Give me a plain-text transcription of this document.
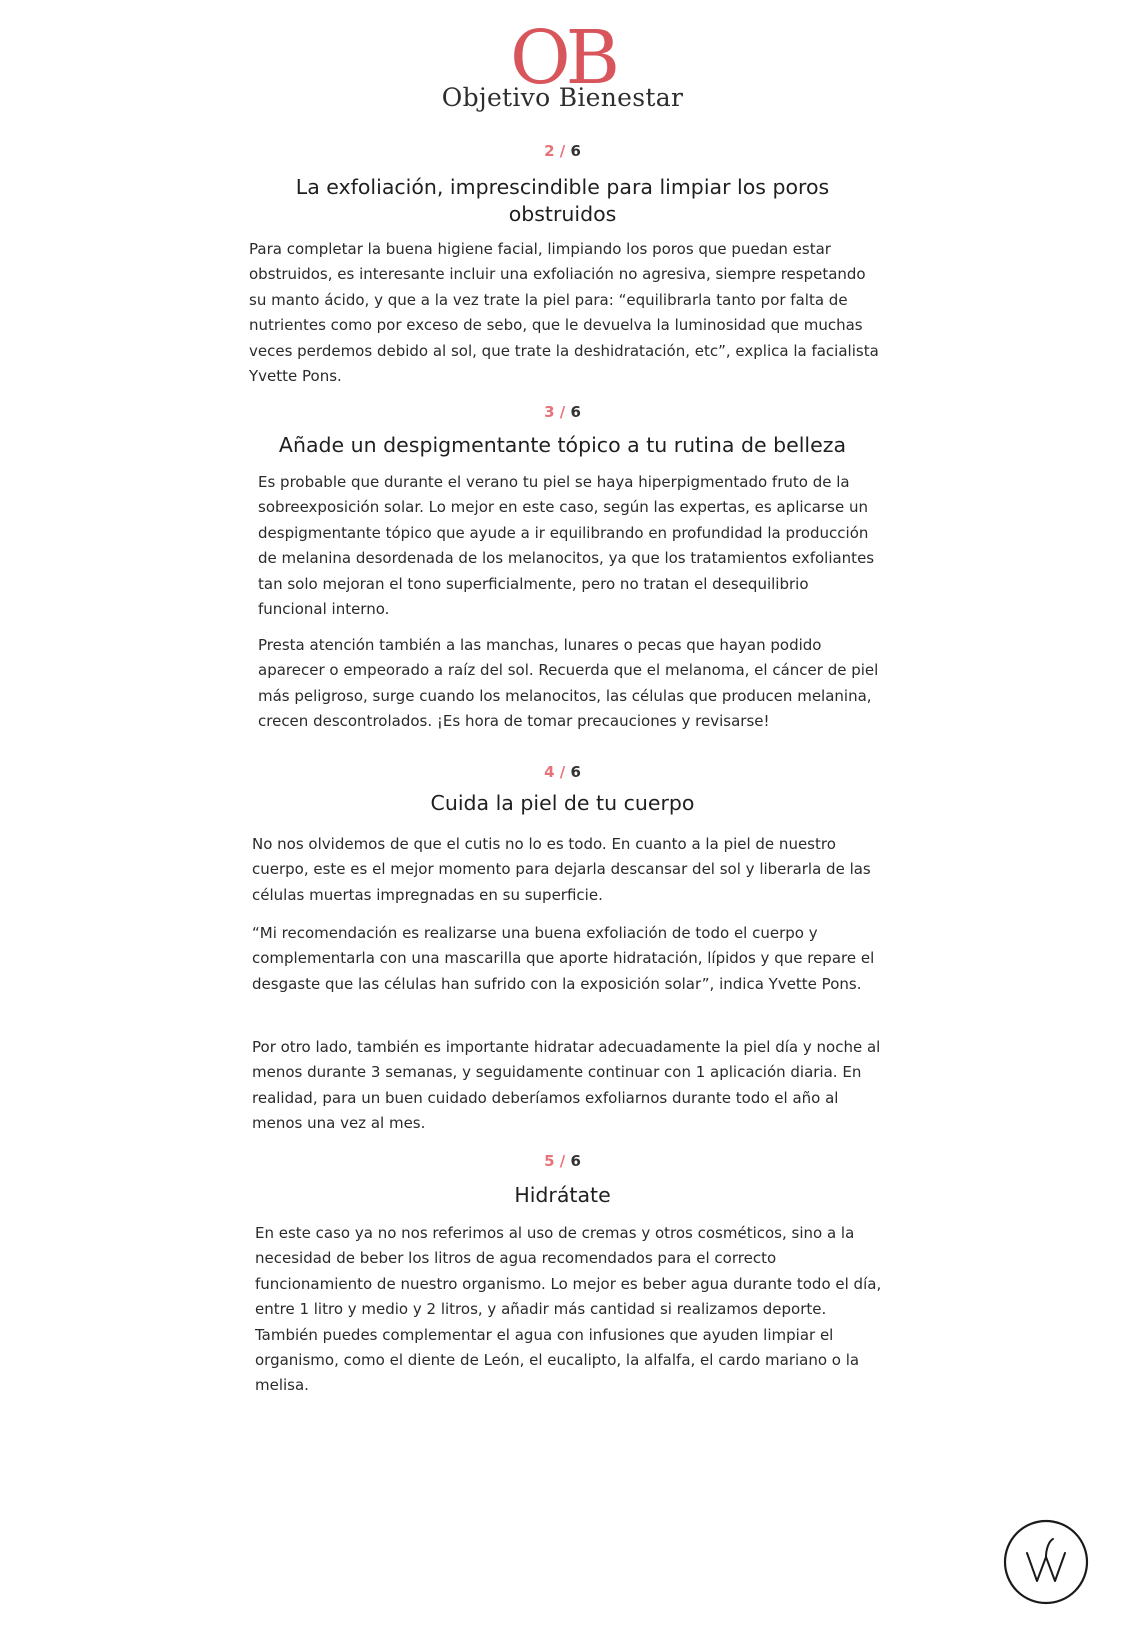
OB
Objetivo Bienestar
2 / 6
La exfoliación, imprescindible para limpiar los poros obstruidos

Para completar la buena higiene facial, limpiando los poros que puedan estar obstruidos, es interesante incluir una exfoliación no agresiva, siempre respetando su manto ácido, y que a la vez trate la piel para: “equilibrarla tanto por falta de nutrientes como por exceso de sebo, que le devuelva la luminosidad que muchas veces perdemos debido al sol, que trate la deshidratación, etc”, explica la facialista Yvette Pons.

3 / 6
Añade un despigmentante tópico a tu rutina de belleza

Es probable que durante el verano tu piel se haya hiperpigmentado fruto de la sobreexposición solar. Lo mejor en este caso, según las expertas, es aplicarse un despigmentante tópico que ayude a ir equilibrando en profundidad la producción de melanina desordenada de los melanocitos, ya que los tratamientos exfoliantes tan solo mejoran el tono superficialmente, pero no tratan el desequilibrio funcional interno.

Presta atención también a las manchas, lunares o pecas que hayan podido aparecer o empeorado a raíz del sol. Recuerda que el melanoma, el cáncer de piel más peligroso, surge cuando los melanocitos, las células que producen melanina, crecen descontrolados. ¡Es hora de tomar precauciones y revisarse!

4 / 6
Cuida la piel de tu cuerpo

No nos olvidemos de que el cutis no lo es todo. En cuanto a la piel de nuestro cuerpo, este es el mejor momento para dejarla descansar del sol y liberarla de las células muertas impregnadas en su superficie.

“Mi recomendación es realizarse una buena exfoliación de todo el cuerpo y complementarla con una mascarilla que aporte hidratación, lípidos y que repare el desgaste que las células han sufrido con la exposición solar”, indica Yvette Pons.

Por otro lado, también es importante hidratar adecuadamente la piel día y noche al menos durante 3 semanas, y seguidamente continuar con 1 aplicación diaria. En realidad, para un buen cuidado deberíamos exfoliarnos durante todo el año al menos una vez al mes.

5 / 6
Hidrátate

En este caso ya no nos referimos al uso de cremas y otros cosméticos, sino a la necesidad de beber los litros de agua recomendados para el correcto funcionamiento de nuestro organismo. Lo mejor es beber agua durante todo el día, entre 1 litro y medio y 2 litros, y añadir más cantidad si realizamos deporte. También puedes complementar el agua con infusiones que ayuden limpiar el organismo, como el diente de León, el eucalipto, la alfalfa, el cardo mariano o la melisa.
